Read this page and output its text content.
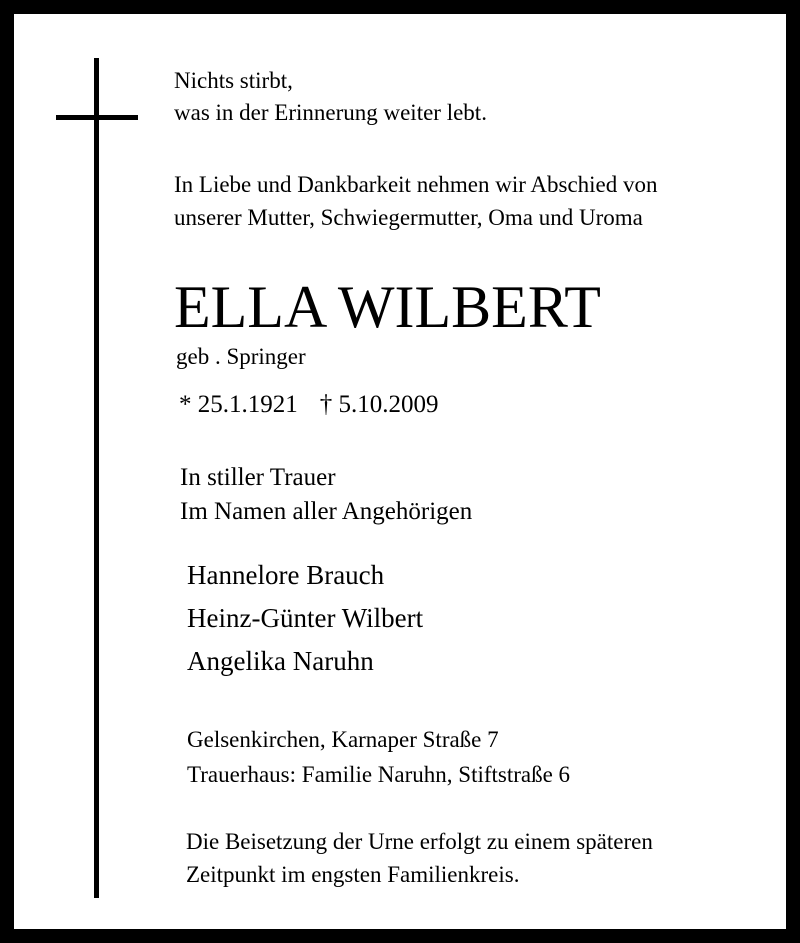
Nichts stirbt,
was in der Erinnerung weiter lebt.
In Liebe und Dankbarkeit nehmen wir Abschied von
unserer Mutter, Schwiegermutter, Oma und Uroma
ELLA WILBERT
geb . Springer
* 25.1.1921 † 5.10.2009
In stiller Trauer
Im Namen aller Angehörigen
Hannelore Brauch
Heinz-Günter Wilbert
Angelika Naruhn
Gelsenkirchen, Karnaper Straße 7
Trauerhaus: Familie Naruhn, Stiftstraße 6
Die Beisetzung der Urne erfolgt zu einem späteren
Zeitpunkt im engsten Familienkreis.
